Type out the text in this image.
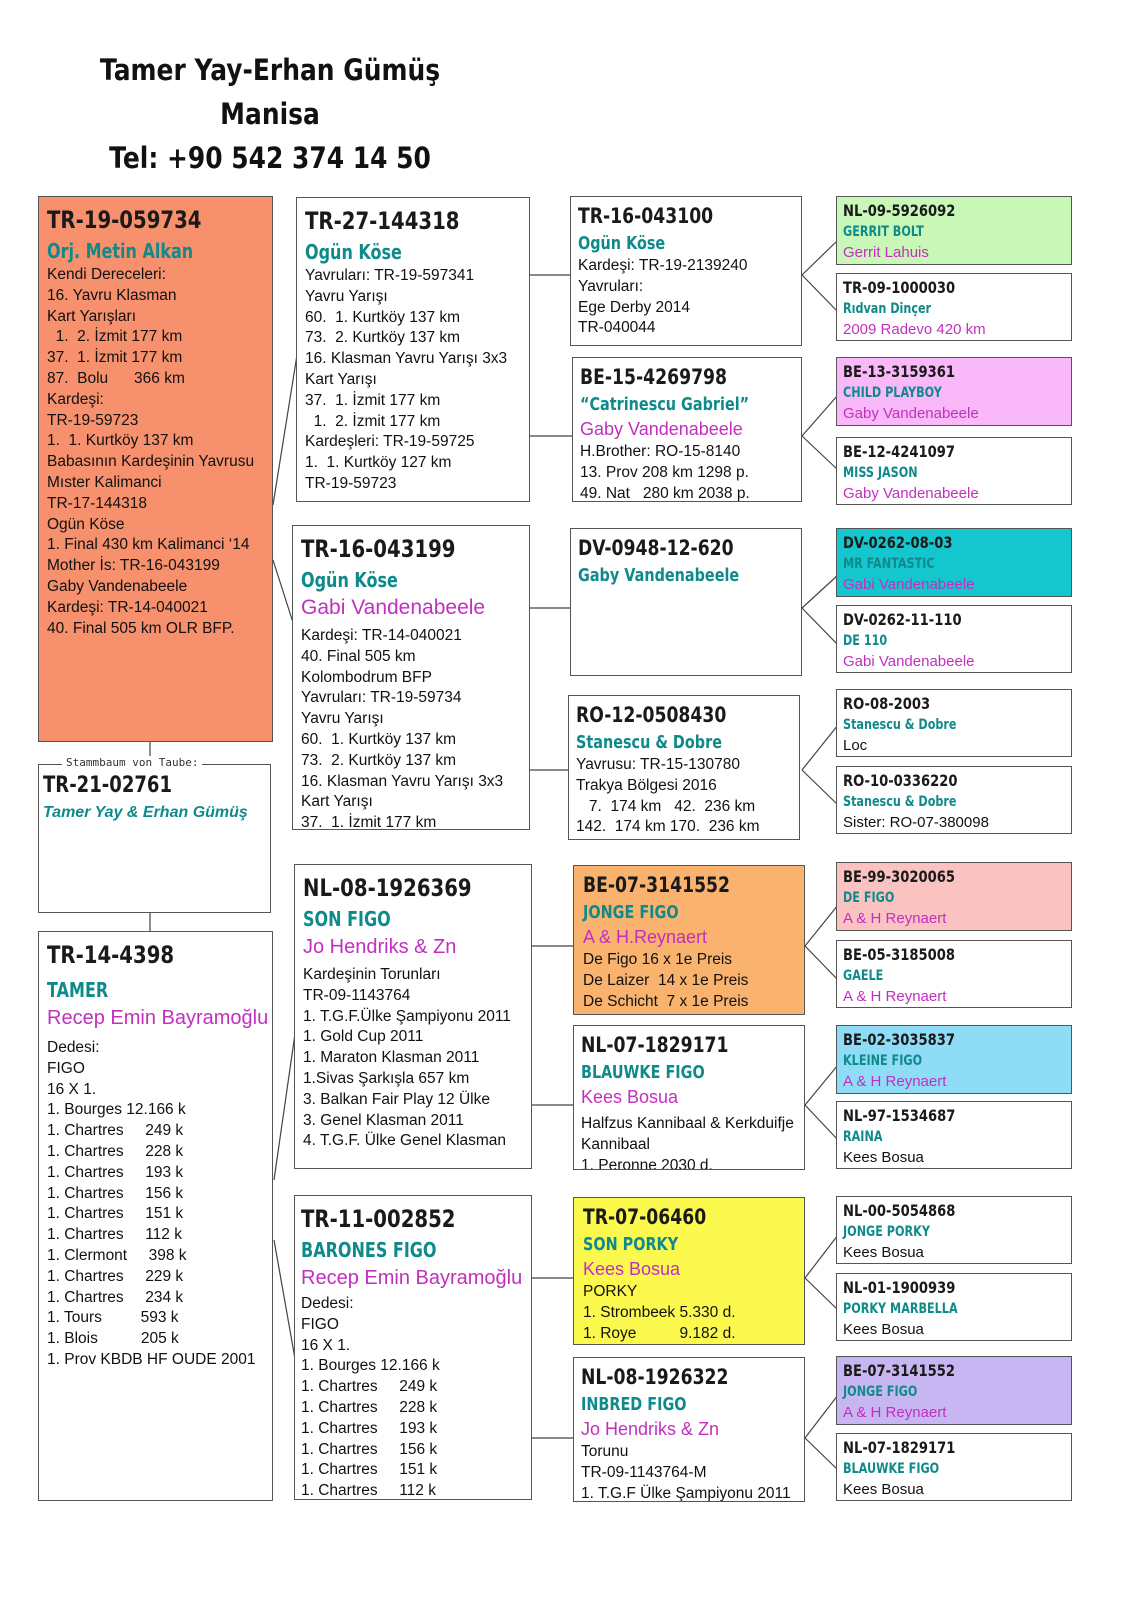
Tamer Yay-Erhan Gümüş
Manisa
Tel: +90 542 374 14 50
TR-19-059734
Orj. Metin Alkan
Kendi Dereceleri:
16. Yavru Klasman
Kart Yarışları
1.  2. İzmit 177 km
37.  1. İzmit 177 km
87.  Bolu      366 km
Kardeşi:
TR-19-59723
1.  1. Kurtköy 137 km
Babasının Kardeşinin Yavrusu
Mıster Kalimanci
TR-17-144318
Ogün Köse
1. Final 430 km Kalimanci ‘14
Mother İs: TR-16-043199
Gaby Vandenabeele
Kardeşi: TR-14-040021
40. Final 505 km OLR BFP.
TR-21-02761
Tamer Yay & Erhan Gümüş
Stammbaum von Taube:
TR-14-4398
TAMER
Recep Emin Bayramoğlu
Dedesi:
FIGO
16 X 1.
1. Bourges 12.166 k
1. Chartres     249 k
1. Chartres     228 k
1. Chartres     193 k
1. Chartres     156 k
1. Chartres     151 k
1. Chartres     112 k
1. Clermont     398 k
1. Chartres     229 k
1. Chartres     234 k
1. Tours         593 k
1. Blois          205 k
1. Prov KBDB HF OUDE 2001
TR-27-144318
Ogün Köse
Yavruları: TR-19-597341
Yavru Yarışı
60.  1. Kurtköy 137 km
73.  2. Kurtköy 137 km
16. Klasman Yavru Yarışı 3x3
Kart Yarışı
37.  1. İzmit 177 km
1.  2. İzmit 177 km
Kardeşleri: TR-19-59725
1.  1. Kurtköy 127 km
TR-19-59723
TR-16-043199
Ogün Köse
Gabi Vandenabeele
Kardeşi: TR-14-040021
40. Final 505 km
Kolombodrum BFP
Yavruları: TR-19-59734
Yavru Yarışı
60.  1. Kurtköy 137 km
73.  2. Kurtköy 137 km
16. Klasman Yavru Yarışı 3x3
Kart Yarışı
37.  1. İzmit 177 km
NL-08-1926369
SON FIGO
Jo Hendriks & Zn
Kardeşinin Torunları
TR-09-1143764
1. T.G.F.Ülke Şampiyonu 2011
1. Gold Cup 2011
1. Maraton Klasman 2011
1.Sivas Şarkışla 657 km
3. Balkan Fair Play 12 Ülke
3. Genel Klasman 2011
4. T.G.F. Ülke Genel Klasman
TR-11-002852
BARONES FIGO
Recep Emin Bayramoğlu
Dedesi:
FIGO
16 X 1.
1. Bourges 12.166 k
1. Chartres     249 k
1. Chartres     228 k
1. Chartres     193 k
1. Chartres     156 k
1. Chartres     151 k
1. Chartres     112 k
TR-16-043100
Ogün Köse
Kardeşi: TR-19-2139240
Yavruları:
Ege Derby 2014
TR-040044
BE-15-4269798
“Catrinescu Gabriel”
Gaby Vandenabeele
H.Brother: RO-15-8140
13. Prov 208 km 1298 p.
49. Nat   280 km 2038 p.
DV-0948-12-620
Gaby Vandenabeele
RO-12-0508430
Stanescu & Dobre
Yavrusu: TR-15-130780
Trakya Bölgesi 2016
7.  174 km   42.  236 km
142.  174 km 170.  236 km
BE-07-3141552
JONGE FIGO
A & H.Reynaert
De Figo 16 x 1e Preis
De Laizer  14 x 1e Preis
De Schicht  7 x 1e Preis
NL-07-1829171
BLAUWKE FIGO
Kees Bosua
Halfzus Kannibaal & Kerkduifje
Kannibaal
1. Peronne 2030 d.
TR-07-06460
SON PORKY
Kees Bosua
PORKY
1. Strombeek 5.330 d.
1. Roye          9.182 d.
NL-08-1926322
INBRED FIGO
Jo Hendriks & Zn
Torunu
TR-09-1143764-M
1. T.G.F Ülke Şampiyonu 2011
NL-09-5926092
GERRIT BOLT
Gerrit Lahuis
TR-09-1000030
Rıdvan Dinçer
2009 Radevo 420 km
BE-13-3159361
CHILD PLAYBOY
Gaby Vandenabeele
BE-12-4241097
MISS JASON
Gaby Vandenabeele
DV-0262-08-03
MR FANTASTIC
Gabi Vandenabeele
DV-0262-11-110
DE 110
Gabi Vandenabeele
RO-08-2003
Stanescu & Dobre
Loc
RO-10-0336220
Stanescu & Dobre
Sister: RO-07-380098
BE-99-3020065
DE FIGO
A & H Reynaert
BE-05-3185008
GAELE
A & H Reynaert
BE-02-3035837
KLEINE FIGO
A & H Reynaert
NL-97-1534687
RAINA
Kees Bosua
NL-00-5054868
JONGE PORKY
Kees Bosua
NL-01-1900939
PORKY MARBELLA
Kees Bosua
BE-07-3141552
JONGE FIGO
A & H Reynaert
NL-07-1829171
BLAUWKE FIGO
Kees Bosua
